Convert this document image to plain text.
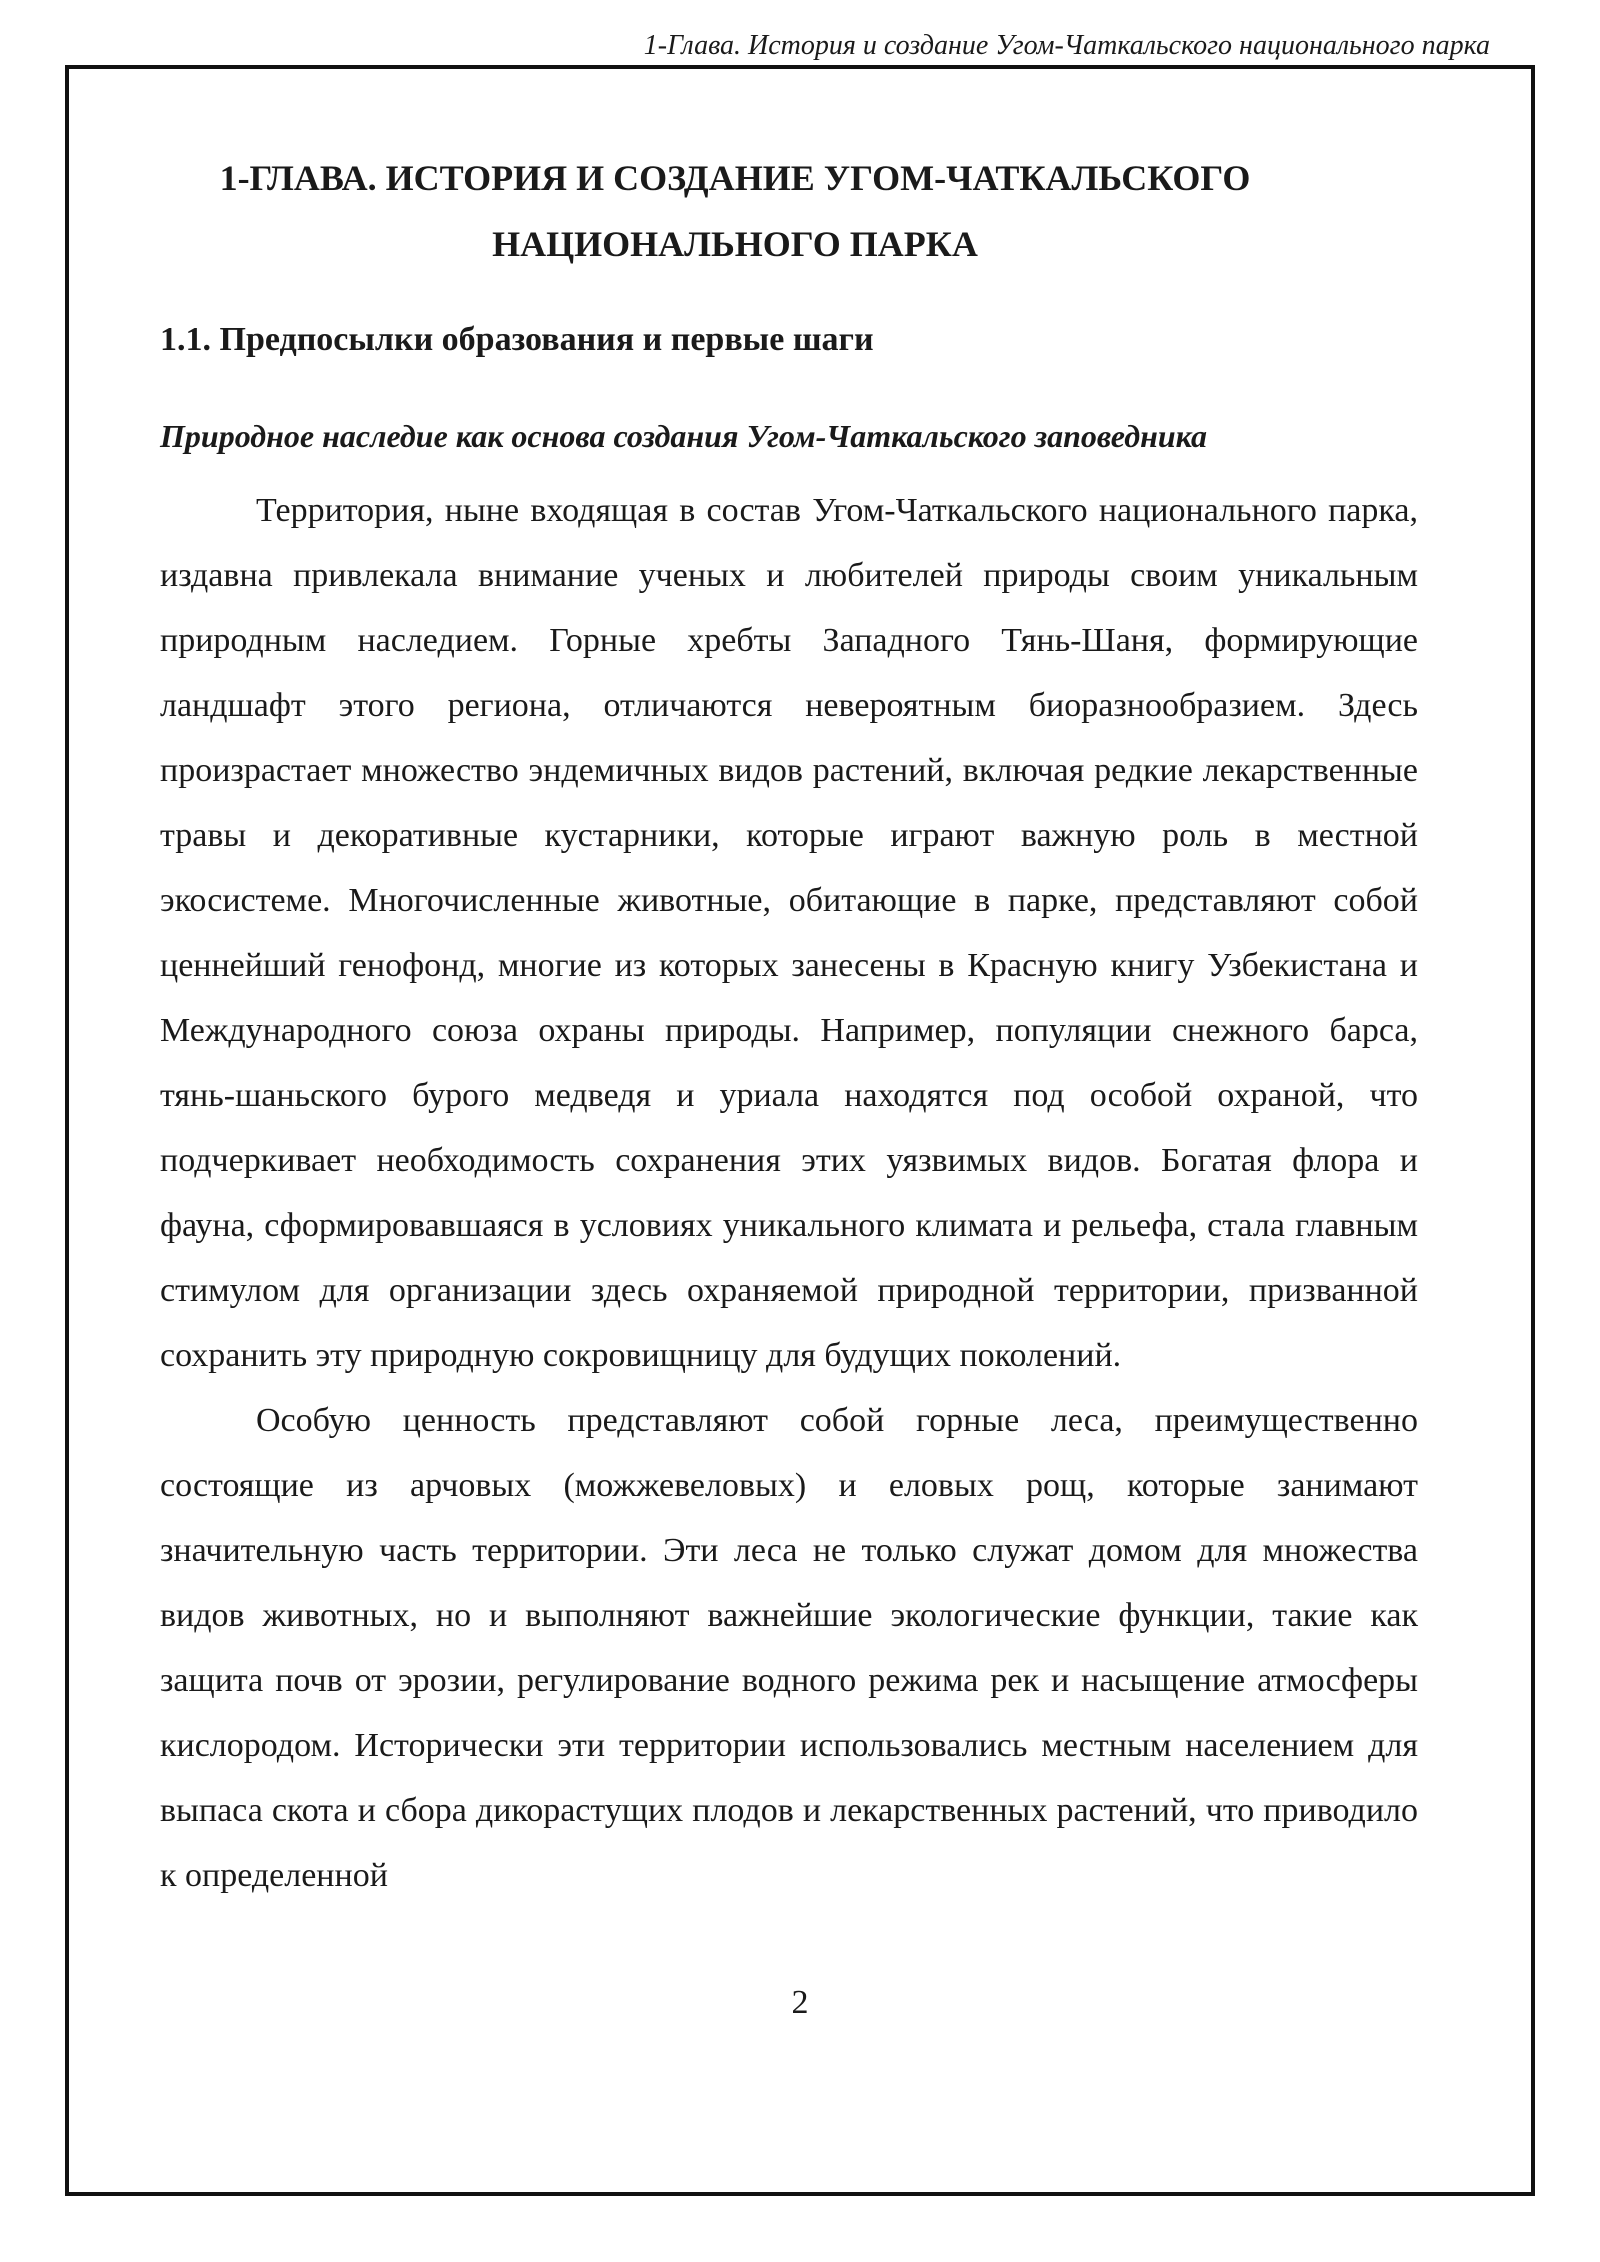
1-Глава. История и создание Угом-Чаткальского национального парка
1-ГЛАВА. ИСТОРИЯ И СОЗДАНИЕ УГОМ-ЧАТКАЛЬСКОГО НАЦИОНАЛЬНОГО ПАРКА
1.1. Предпосылки образования и первые шаги
Природное наследие как основа создания Угом-Чаткальского заповедника

Территория, ныне входящая в состав Угом-Чаткальского национального парка, издавна привлекала внимание ученых и любителей природы своим уникальным природным наследием. Горные хребты Западного Тянь-Шаня, формирующие ландшафт этого региона, отличаются невероятным биоразнообразием. Здесь произрастает множество эндемичных видов растений, включая редкие лекарственные травы и декоративные кустарники, которые играют важную роль в местной экосистеме. Многочисленные животные, обитающие в парке, представляют собой ценнейший генофонд, многие из которых занесены в Красную книгу Узбекистана и Международного союза охраны природы. Например, популяции снежного барса, тянь-шаньского бурого медведя и уриала находятся под особой охраной, что подчеркивает необходимость сохранения этих уязвимых видов. Богатая флора и фауна, сформировавшаяся в условиях уникального климата и рельефа, стала главным стимулом для организации здесь охраняемой природной территории, призванной сохранить эту природную сокровищницу для будущих поколений.

Особую ценность представляют собой горные леса, преимущественно состоящие из арчовых (можжевеловых) и еловых рощ, которые занимают значительную часть территории. Эти леса не только служат домом для множества видов животных, но и выполняют важнейшие экологические функции, такие как защита почв от эрозии, регулирование водного режима рек и насыщение атмосферы кислородом. Исторически эти территории использовались местным населением для выпаса скота и сбора дикорастущих плодов и лекарственных растений, что приводило к определенной

2
